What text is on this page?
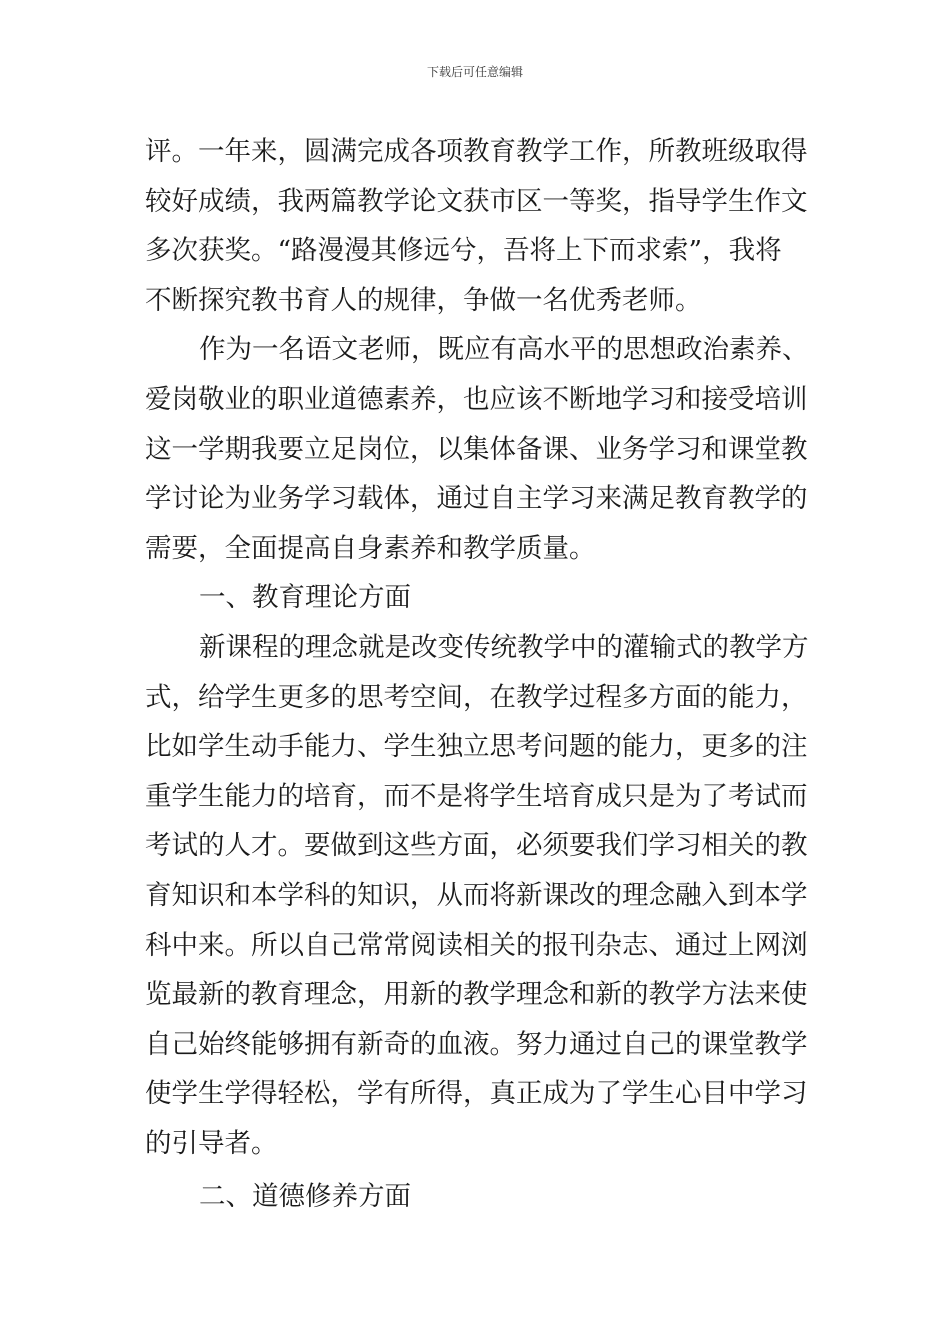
下载后可任意编辑
评。一年来，圆满完成各项教育教学工作，所教班级取得
较好成绩，我两篇教学论文获市区一等奖，指导学生作文
多次获奖。“路漫漫其修远兮，吾将上下而求索”，我将
不断探究教书育人的规律，争做一名优秀老师。
作为一名语文老师，既应有高水平的思想政治素养、
爱岗敬业的职业道德素养，也应该不断地学习和接受培训
这一学期我要立足岗位，以集体备课、业务学习和课堂教
学讨论为业务学习载体，通过自主学习来满足教育教学的
需要，全面提高自身素养和教学质量。
一、教育理论方面
新课程的理念就是改变传统教学中的灌输式的教学方
式，给学生更多的思考空间，在教学过程多方面的能力，
比如学生动手能力、学生独立思考问题的能力，更多的注
重学生能力的培育，而不是将学生培育成只是为了考试而
考试的人才。要做到这些方面，必须要我们学习相关的教
育知识和本学科的知识，从而将新课改的理念融入到本学
科中来。所以自己常常阅读相关的报刊杂志、通过上网浏
览最新的教育理念，用新的教学理念和新的教学方法来使
自己始终能够拥有新奇的血液。努力通过自己的课堂教学
使学生学得轻松，学有所得，真正成为了学生心目中学习
的引导者。
二、道德修养方面
